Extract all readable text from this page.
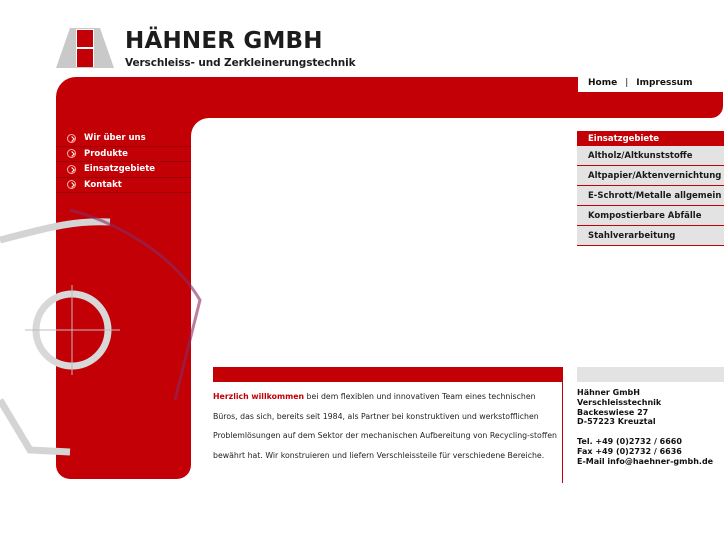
HÄHNER GMBH
Verschleiss- und Zerkleinerungstechnik
Home | Impressum
Wir über uns
Produkte
Einsatzgebiete
Kontakt
Einsatzgebiete
Altholz/Altkunststoffe
Altpapier/Aktenvernichtung
E-Schrott/Metalle allgemein
Kompostierbare Abfälle
Stahlverarbeitung
Herzlich willkommen bei dem flexiblen und innovativen Team eines technischen Büros, das sich, bereits seit 1984, als Partner bei konstruktiven und werkstofflichen Problemlösungen auf dem Sektor der mechanischen Aufbereitung von Recycling-stoffen bewährt hat. Wir konstruieren und liefern Verschleissteile für verschiedene Bereiche.
Hähner GmbH
Verschleisstechnik
Backeswiese 27
D-57223 Kreuztal
Tel. +49 (0)2732 / 6660
Fax +49 (0)2732 / 6636
E-Mail info@haehner-gmbh.de
